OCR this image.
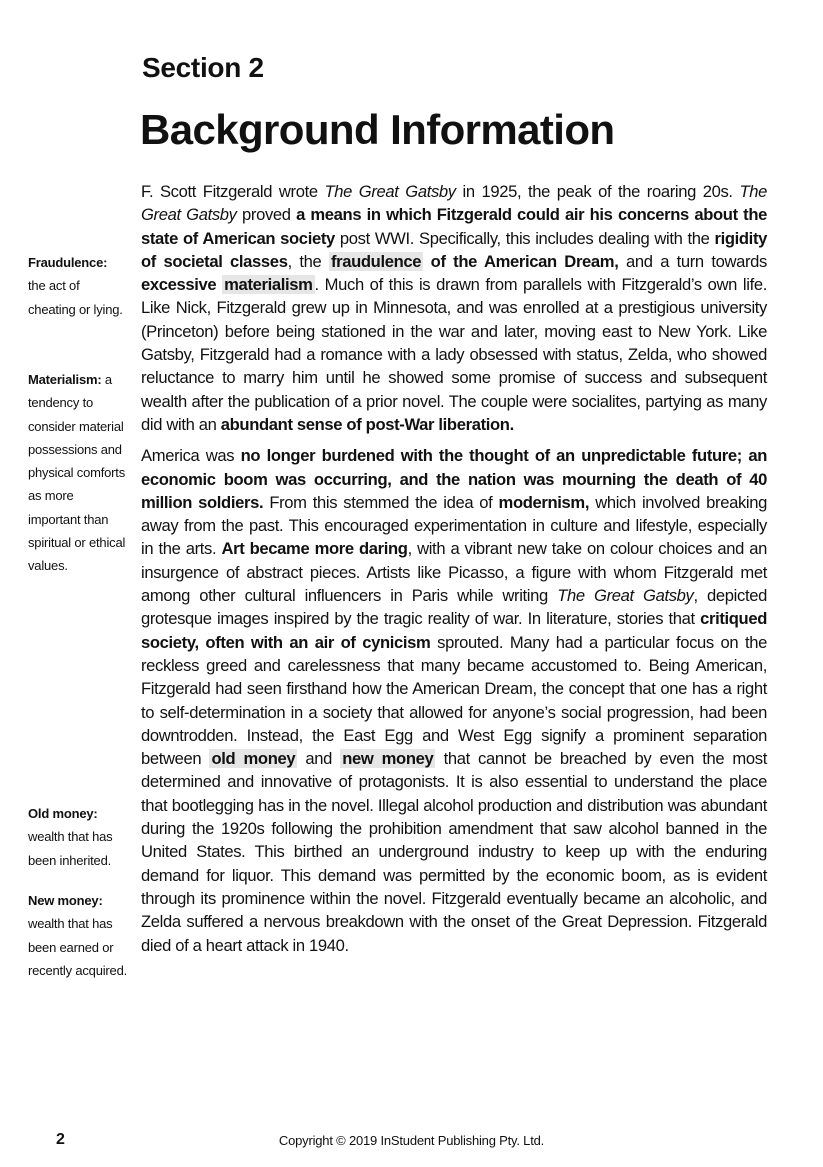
Section 2
Background Information
Fraudulence: the act of cheating or lying.
Materialism: a tendency to consider material possessions and physical comforts as more important than spiritual or ethical values.
Old money: wealth that has been inherited.
New money: wealth that has been earned or recently acquired.

F. Scott Fitzgerald wrote The Great Gatsby in 1925, the peak of the roaring 20s. The Great Gatsby proved a means in which Fitzgerald could air his concerns about the state of American society post WWI. Specifically, this includes dealing with the rigidity of societal classes, the fraudulence of the American Dream, and a turn towards excessive materialism . Much of this is drawn from parallels with Fitzgerald’s own life. Like Nick, Fitzgerald grew up in Minnesota, and was enrolled at a prestigious university (Princeton) before being stationed in the war and later, moving east to New York. Like Gatsby, Fitzgerald had a romance with a lady obsessed with status, Zelda, who showed reluctance to marry him until he showed some promise of success and subsequent wealth after the publication of a prior novel. The couple were socialites, partying as many did with an abundant sense of post-War liberation.

America was no longer burdened with the thought of an unpredictable future; an economic boom was occurring, and the nation was mourning the death of 40 million soldiers. From this stemmed the idea of modernism, which involved breaking away from the past. This encouraged experimentation in culture and lifestyle, especially in the arts. Art became more daring, with a vibrant new take on colour choices and an insurgence of abstract pieces. Artists like Picasso, a figure with whom Fitzgerald met among other cultural influencers in Paris while writing The Great Gatsby, depicted grotesque images inspired by the tragic reality of war. In literature, stories that critiqued society, often with an air of cynicism sprouted. Many had a particular focus on the reckless greed and carelessness that many became accustomed to. Being American, Fitzgerald had seen firsthand how the American Dream, the concept that one has a right to self-determination in a society that allowed for anyone’s social progression, had been downtrodden. Instead, the East Egg and West Egg signify a prominent separation between old money and new money that cannot be breached by even the most determined and innovative of protagonists. It is also essential to understand the place that bootlegging has in the novel. Illegal alcohol production and distribution was abundant during the 1920s following the prohibition amendment that saw alcohol banned in the United States. This birthed an underground industry to keep up with the enduring demand for liquor. This demand was permitted by the economic boom, as is evident through its prominence within the novel. Fitzgerald eventually became an alcoholic, and Zelda suffered a nervous breakdown with the onset of the Great Depression. Fitzgerald died of a heart attack in 1940.

2	Copyright © 2019 InStudent Publishing Pty. Ltd.
